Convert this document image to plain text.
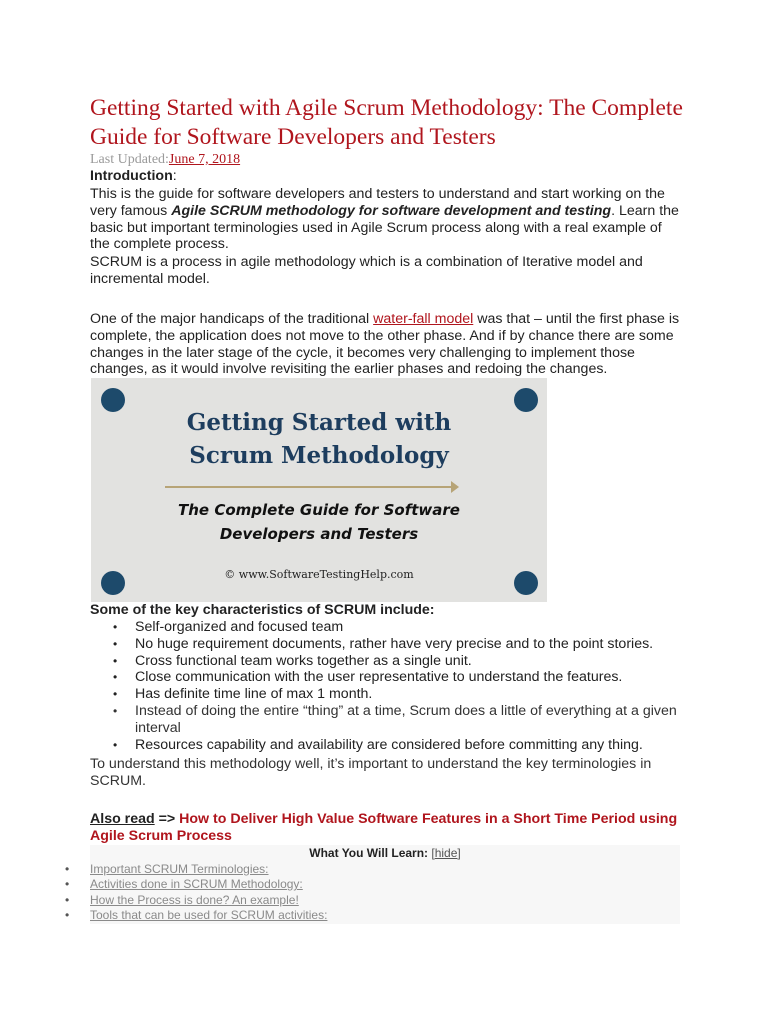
Getting Started with Agile Scrum Methodology: The Complete Guide for Software Developers and Testers
Last Updated:June 7, 2018
Introduction:
This is the guide for software developers and testers to understand and start working on the very famous Agile SCRUM methodology for software development and testing. Learn the basic but important terminologies used in Agile Scrum process along with a real example of the complete process.
SCRUM is a process in agile methodology which is a combination of Iterative model and incremental model.
One of the major handicaps of the traditional water-fall model was that – until the first phase is complete, the application does not move to the other phase. And if by chance there are some changes in the later stage of the cycle, it becomes very challenging to implement those changes, as it would involve revisiting the earlier phases and redoing the changes.
Getting Started with
Scrum Methodology
The Complete Guide for Software
Developers and Testers
© www.SoftwareTestingHelp.com
Some of the key characteristics of SCRUM include:
• Self-organized and focused team
• No huge requirement documents, rather have very precise and to the point stories.
• Cross functional team works together as a single unit.
• Close communication with the user representative to understand the features.
• Has definite time line of max 1 month.
• Instead of doing the entire “thing” at a time, Scrum does a little of everything at a given interval
• Resources capability and availability are considered before committing any thing.
To understand this methodology well, it’s important to understand the key terminologies in SCRUM.
Also read => How to Deliver High Value Software Features in a Short Time Period using Agile Scrum Process
What You Will Learn: [hide]
• Important SCRUM Terminologies:
• Activities done in SCRUM Methodology:
• How the Process is done? An example!
• Tools that can be used for SCRUM activities:
